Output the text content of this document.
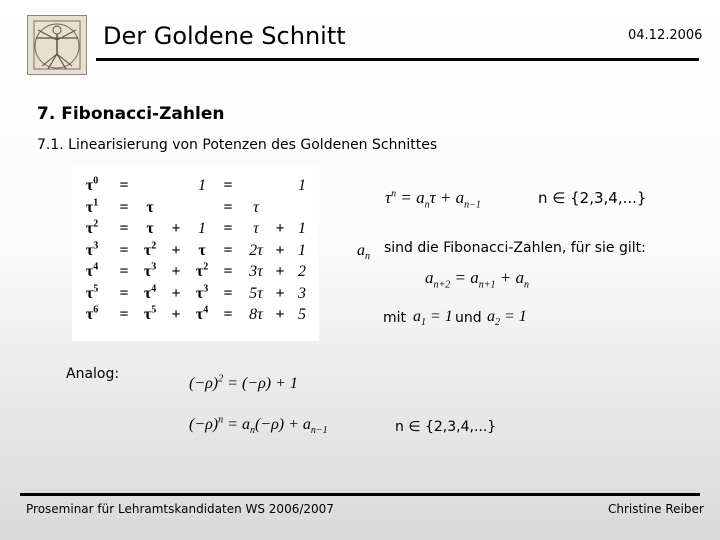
Der Goldene Schnitt	04.12.2006
7. Fibonacci-Zahlen
7.1. Linearisierung von Potenzen des Goldenen Schnittes
$\tau^0$	=	1	=	1
$\tau^1$	=	τ	=	τ
$\tau^2$	=	τ	+	1	=	τ	+ 1
$\tau^3$	= $\tau^2$ +	τ	=	2τ + 1
$\tau^4$	= $\tau^3 + \tau^2$ =	3τ + 2
$\tau^5$	= $\tau^4 + \tau^3$ =	5τ + 3
$\tau^6$	= $\tau^5 + \tau^4$ =	8τ + 5
$\tau^n = a_n\tau + a_{n-1}$	n ∈ {2,3,4,...}
$a_n$
sind die Fibonacci-Zahlen, für sie gilt:
$a_{n+2} = a_{n+1} + a_n$
mit $a_1 = 1$ und $a_2 = 1$
Analog:
$(-\rho)^2 = (-\rho) + 1$
$(-\rho)^n = a_n(-\rho) + a_{n-1}$	n ∈ {2,3,4,...}
Proseminar für Lehramtskandidaten WS 2006/2007	Christine Reiber
